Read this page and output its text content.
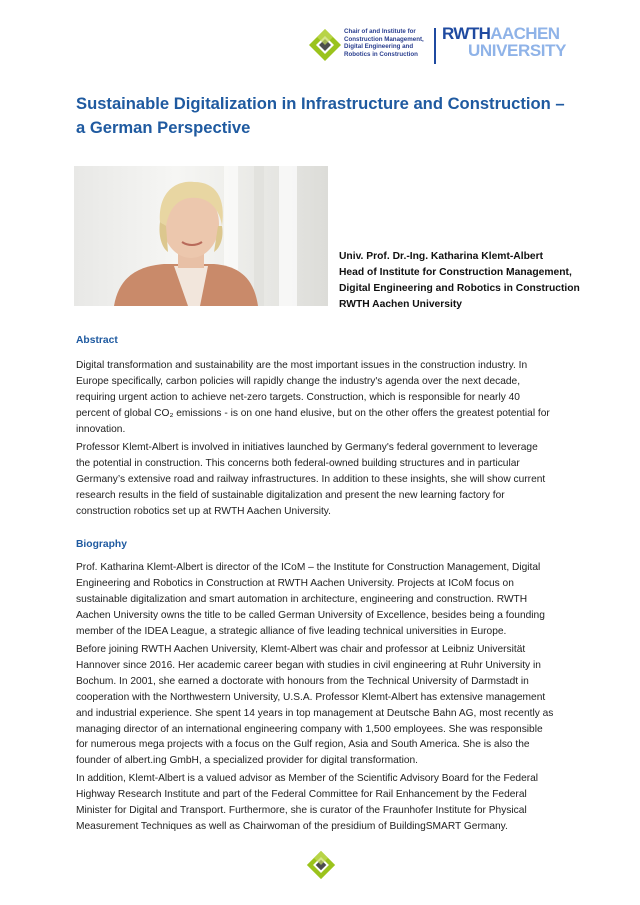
Chair of and Institute for
Construction Management,
Digital Engineering and
Robotics in Construction
RWTHAACHEN
UNIVERSITY
Sustainable Digitalization in Infrastructure and Construction – a German Perspective
Univ. Prof. Dr.-Ing. Katharina Klemt-Albert
Head of Institute for Construction Management,
Digital Engineering and Robotics in Construction
RWTH Aachen University
Abstract
Digital transformation and sustainability are the most important issues in the construction industry. In
Europe specifically, carbon policies will rapidly change the industry's agenda over the next decade,
requiring urgent action to achieve net-zero targets. Construction, which is responsible for nearly 40
percent of global CO₂ emissions - is on one hand elusive, but on the other offers the greatest potential for
innovation.
Professor Klemt-Albert is involved in initiatives launched by Germany's federal government to leverage
the potential in construction. This concerns both federal-owned building structures and in particular
Germany’s extensive road and railway infrastructures. In addition to these insights, she will show current
research results in the field of sustainable digitalization and present the new learning factory for
construction robotics set up at RWTH Aachen University.
Biography
Prof. Katharina Klemt-Albert is director of the ICoM – the Institute for Construction Management, Digital
Engineering and Robotics in Construction at RWTH Aachen University. Projects at ICoM focus on
sustainable digitalization and smart automation in architecture, engineering and construction. RWTH
Aachen University owns the title to be called German University of Excellence, besides being a founding
member of the IDEA League, a strategic alliance of five leading technical universities in Europe.
Before joining RWTH Aachen University, Klemt-Albert was chair and professor at Leibniz Universität
Hannover since 2016. Her academic career began with studies in civil engineering at Ruhr University in
Bochum. In 2001, she earned a doctorate with honours from the Technical University of Darmstadt in
cooperation with the Northwestern University, U.S.A. Professor Klemt-Albert has extensive management
and industrial experience. She spent 14 years in top management at Deutsche Bahn AG, most recently as
managing director of an international engineering company with 1,500 employees. She was responsible
for numerous mega projects with a focus on the Gulf region, Asia and South America. She is also the
founder of albert.ing GmbH, a specialized provider for digital transformation.
In addition, Klemt-Albert is a valued advisor as Member of the Scientific Advisory Board for the Federal
Highway Research Institute and part of the Federal Committee for Rail Enhancement by the Federal
Minister for Digital and Transport. Furthermore, she is curator of the Fraunhofer Institute for Physical
Measurement Techniques as well as Chairwoman of the presidium of BuildingSMART Germany.
